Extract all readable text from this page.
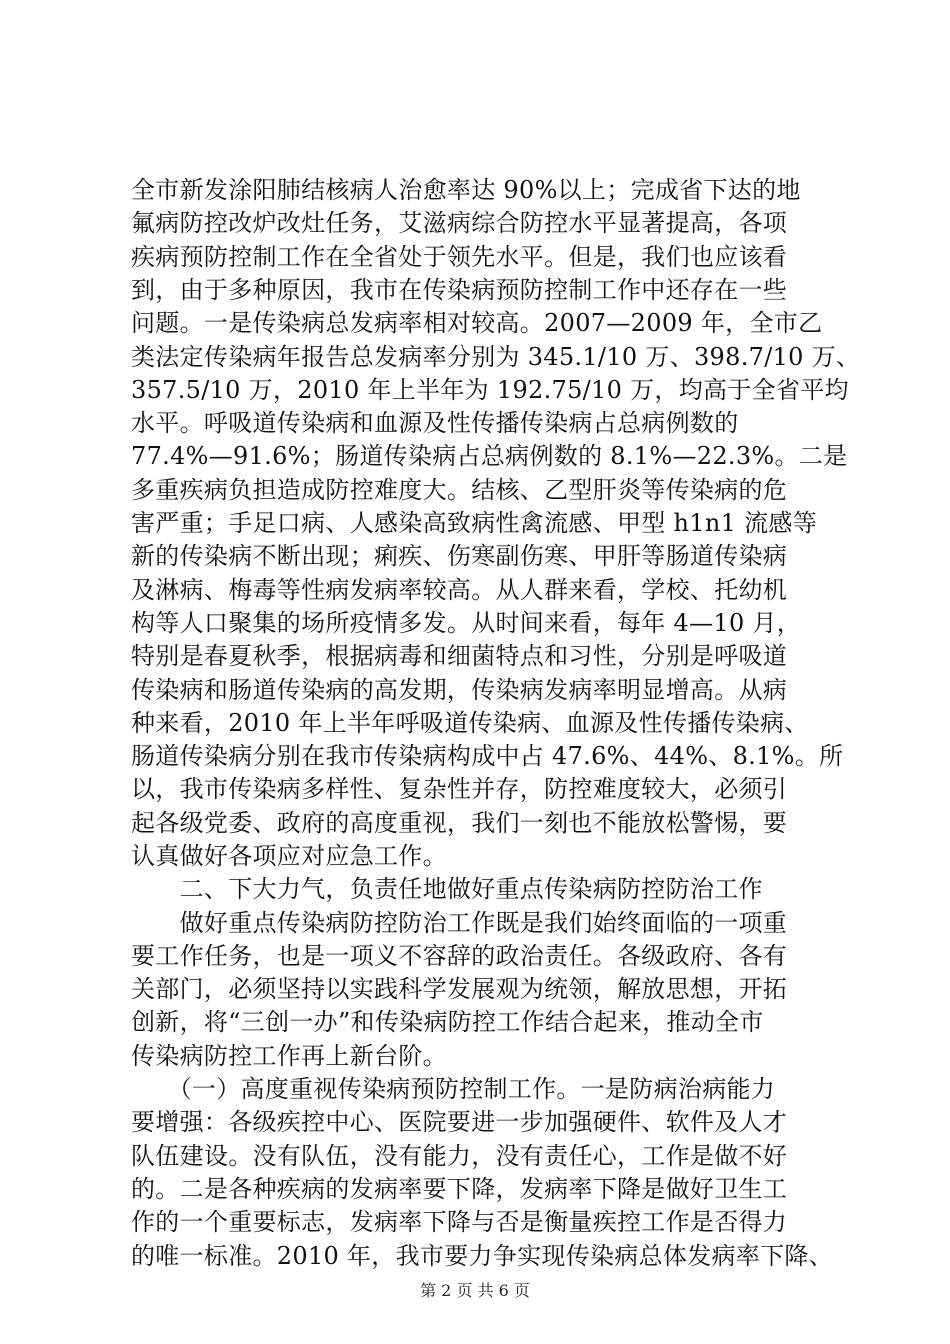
全市新发涂阳肺结核病人治愈率达 90%以上；完成省下达的地
氟病防控改炉改灶任务，艾滋病综合防控水平显著提高，各项
疾病预防控制工作在全省处于领先水平。但是，我们也应该看
到，由于多种原因，我市在传染病预防控制工作中还存在一些
问题。一是传染病总发病率相对较高。2007—2009 年，全市乙
类法定传染病年报告总发病率分别为 345.1/10 万、398.7/10 万、
357.5/10 万，2010 年上半年为 192.75/10 万，均高于全省平均
水平。呼吸道传染病和血源及性传播传染病占总病例数的
77.4%—91.6%；肠道传染病占总病例数的 8.1%—22.3%。二是
多重疾病负担造成防控难度大。结核、乙型肝炎等传染病的危
害严重；手足口病、人感染高致病性禽流感、甲型 h1n1 流感等
新的传染病不断出现；痢疾、伤寒副伤寒、甲肝等肠道传染病
及淋病、梅毒等性病发病率较高。从人群来看，学校、托幼机
构等人口聚集的场所疫情多发。从时间来看，每年 4—10 月，
特别是春夏秋季，根据病毒和细菌特点和习性，分别是呼吸道
传染病和肠道传染病的高发期，传染病发病率明显增高。从病
种来看，2010 年上半年呼吸道传染病、血源及性传播传染病、
肠道传染病分别在我市传染病构成中占 47.6%、44%、8.1%。所
以，我市传染病多样性、复杂性并存，防控难度较大，必须引
起各级党委、政府的高度重视，我们一刻也不能放松警惕，要
认真做好各项应对应急工作。
　　二、下大力气，负责任地做好重点传染病防控防治工作
　　做好重点传染病防控防治工作既是我们始终面临的一项重
要工作任务，也是一项义不容辞的政治责任。各级政府、各有
关部门，必须坚持以实践科学发展观为统领，解放思想，开拓
创新，将“三创一办”和传染病防控工作结合起来，推动全市
传染病防控工作再上新台阶。
　　（一）高度重视传染病预防控制工作。一是防病治病能力
要增强：各级疾控中心、医院要进一步加强硬件、软件及人才
队伍建设。没有队伍，没有能力，没有责任心，工作是做不好
的。二是各种疾病的发病率要下降，发病率下降是做好卫生工
作的一个重要标志，发病率下降与否是衡量疾控工作是否得力
的唯一标准。2010 年，我市要力争实现传染病总体发病率下降、
第 2 页 共 6 页
